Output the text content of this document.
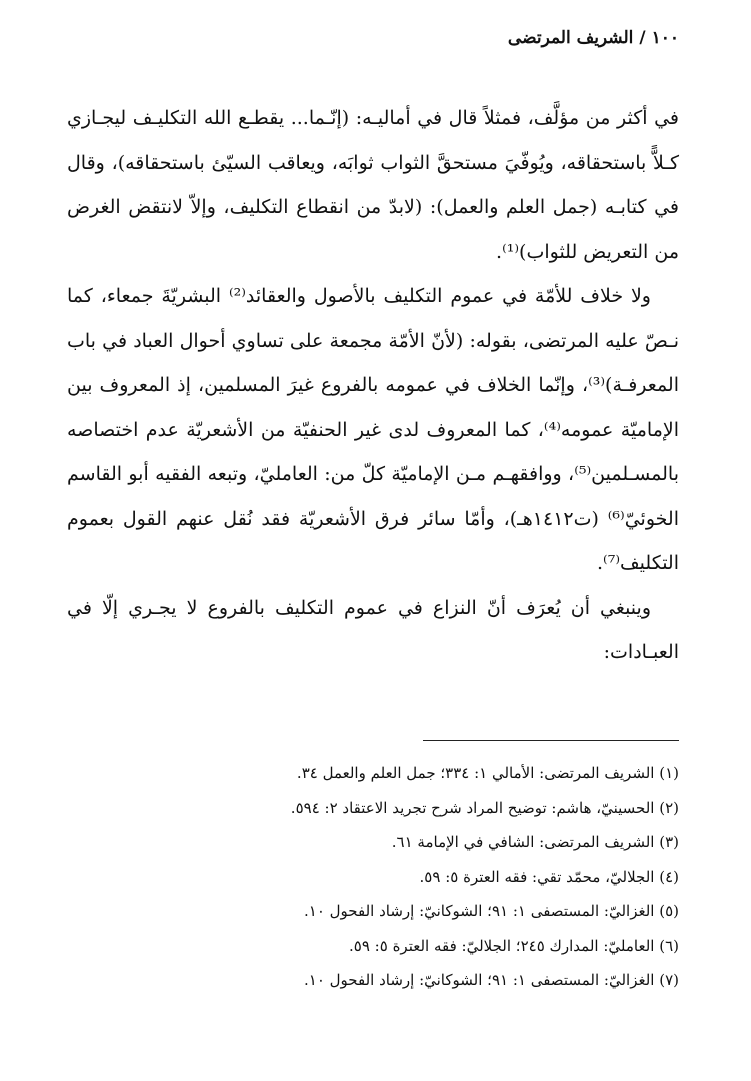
١٠٠/الشريف المرتضى

في أكثر من مؤلَّف، فمثلاً قال في أماليـه: (إنّـما... يقطـع الله التكليـف ليجـازي كـلاًّ باستحقاقه، ويُوفّيَ مستحقَّ الثواب ثوابَه، ويعاقب السيّئ باستحقاقه)، وقال في كتابـه (جمل العلم والعمل): (لابدّ من انقطاع التكليف، وإلاّ لانتقض الغرض من التعريض للثواب)⁽¹⁾.

ولا خلاف للأمّة في عموم التكليف بالأصول والعقائد⁽²⁾ البشريّةَ جمعاء، كما نـصّ عليه المرتضى، بقوله: (لأنّ الأمّة مجمعة على تساوي أحوال العباد في باب المعرفـة)⁽³⁾، وإنّما الخلاف في عمومه بالفروع غيرَ المسلمين، إذ المعروف بين الإماميّة عمومه⁽⁴⁾، كما المعروف لدى غير الحنفيّة من الأشعريّة عدم اختصاصه بالمسـلمين⁽⁵⁾، ووافقهـم مـن الإماميّة كلّ من: العامليّ، وتبعه الفقيه أبو القاسم الخوئيّ⁽⁶⁾ (ت١٤١٢هـ)، وأمّا سائر فرق الأشعريّة فقد نُقل عنهم القول بعموم التكليف⁽⁷⁾.

وينبغي أن يُعرَف أنّ النزاع في عموم التكليف بالفروع لا يجـري إلّا في العبـادات:

(١) الشريف المرتضى: الأمالي ١: ٣٣٤؛ جمل العلم والعمل ٣٤.

(٢) الحسينيّ، هاشم: توضيح المراد شرح تجريد الاعتقاد ٢: ٥٩٤.

(٣) الشريف المرتضى: الشافي في الإمامة ٦١.

(٤) الجلاليّ، محمّد تقي: فقه العترة ٥: ٥٩.

(٥) الغزاليّ: المستصفى ١: ٩١؛ الشوكانيّ: إرشاد الفحول ١٠.

(٦) العامليّ: المدارك ٢٤٥؛ الجلاليّ: فقه العترة ٥: ٥٩.

(٧) الغزاليّ: المستصفى ١: ٩١؛ الشوكانيّ: إرشاد الفحول ١٠.
